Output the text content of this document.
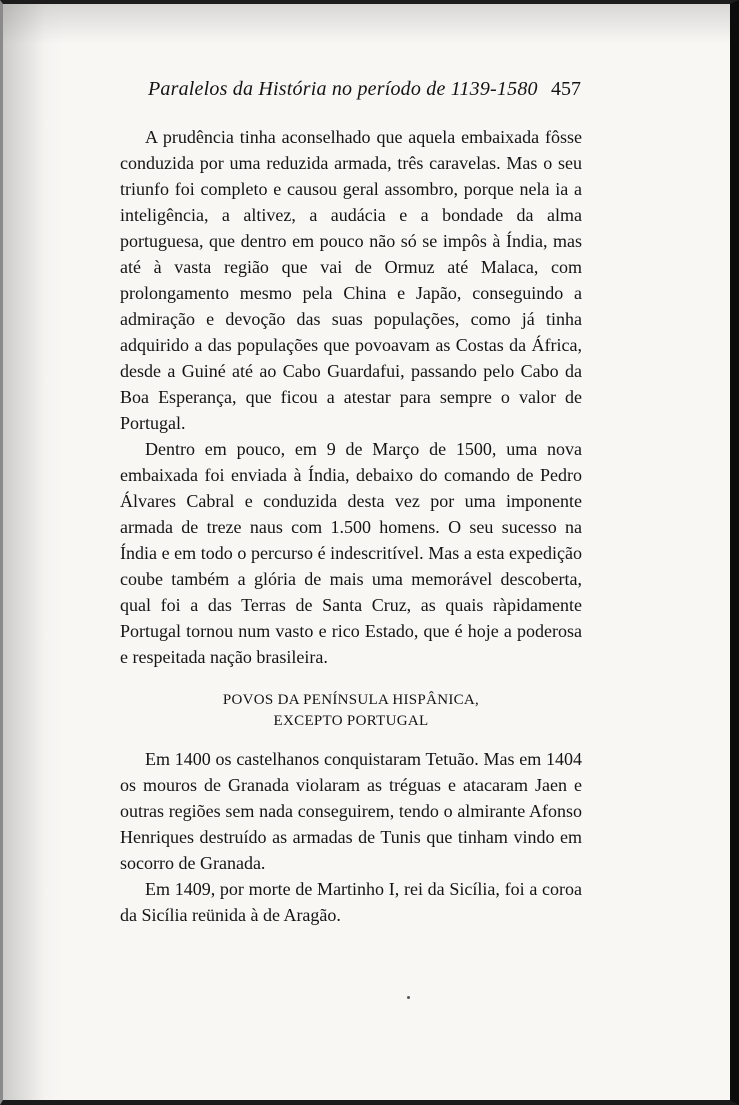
Paralelos da História no período de 1139-1580 457

A prudência tinha aconselhado que aquela embaixada fôsse conduzida por uma reduzida armada, três caravelas. Mas o seu triunfo foi completo e causou geral assombro, porque nela ia a inteligência, a altivez, a audácia e a bondade da alma portuguesa, que dentro em pouco não só se impôs à Índia, mas até à vasta região que vai de Ormuz até Malaca, com prolongamento mesmo pela China e Japão, conseguindo a admiração e devoção das suas populações, como já tinha adquirido a das populações que povoavam as Costas da África, desde a Guiné até ao Cabo Guardafui, passando pelo Cabo da Boa Esperança, que ficou a atestar para sempre o valor de Portugal.

Dentro em pouco, em 9 de Março de 1500, uma nova embaixada foi enviada à Índia, debaixo do comando de Pedro Álvares Cabral e conduzida desta vez por uma imponente armada de treze naus com 1.500 homens. O seu sucesso na Índia e em todo o percurso é indescritível. Mas a esta expedição coube também a glória de mais uma memorável descoberta, qual foi a das Terras de Santa Cruz, as quais ràpidamente Portugal tornou num vasto e rico Estado, que é hoje a poderosa e respeitada nação brasileira.

POVOS DA PENÍNSULA HISPÂNICA,
EXCEPTO PORTUGAL

Em 1400 os castelhanos conquistaram Tetuão. Mas em 1404 os mouros de Granada violaram as tréguas e atacaram Jaen e outras regiões sem nada conseguirem, tendo o almirante Afonso Henriques destruído as armadas de Tunis que tinham vindo em socorro de Granada.

Em 1409, por morte de Martinho I, rei da Sicília, foi a coroa da Sicília reünida à de Aragão.
